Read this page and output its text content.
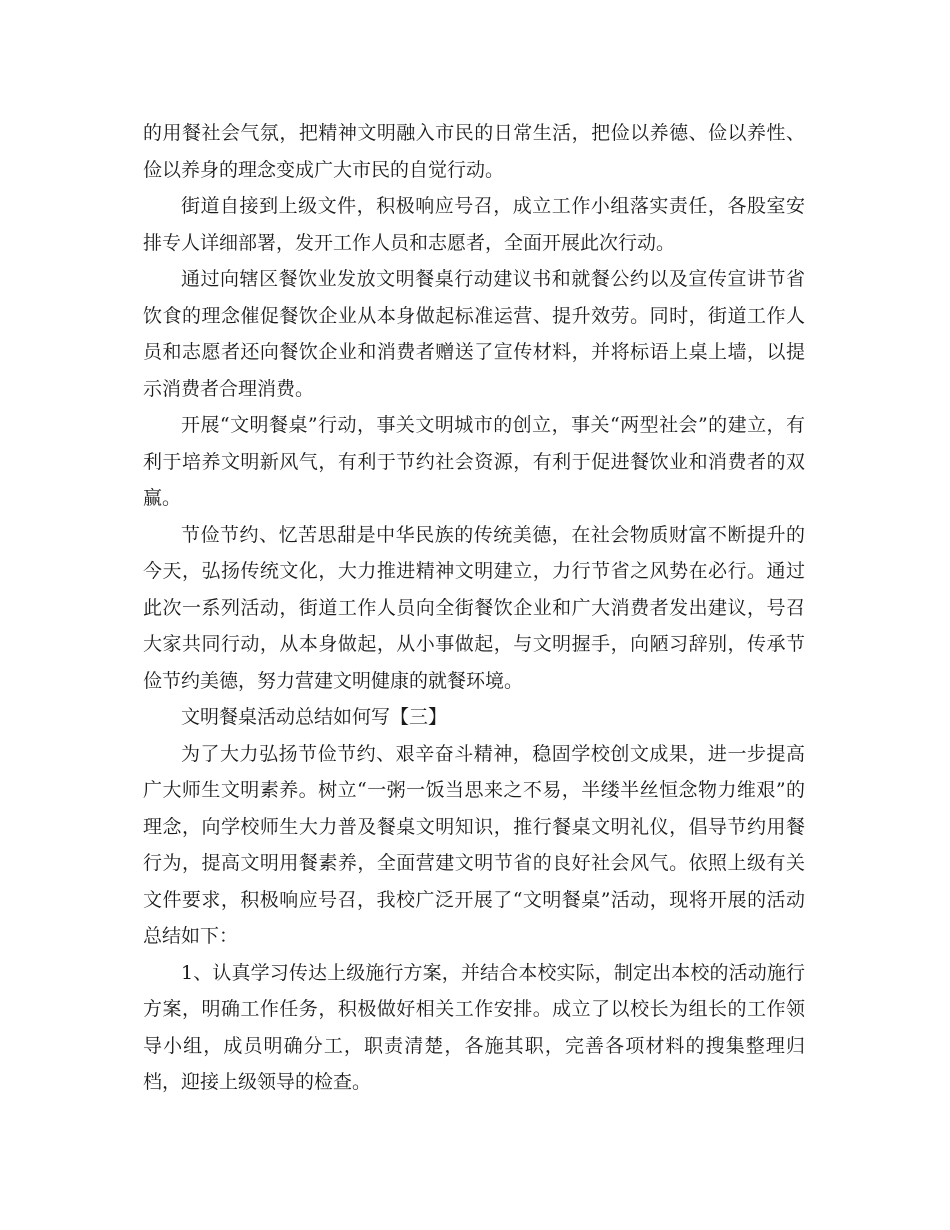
的用餐社会气氛，把精神文明融入市民的日常生活，把俭以养德、俭以养性、俭以养身的理念变成广大市民的自觉行动。

街道自接到上级文件，积极响应号召，成立工作小组落实责任，各股室安排专人详细部署，发开工作人员和志愿者，全面开展此次行动。

通过向辖区餐饮业发放文明餐桌行动建议书和就餐公约以及宣传宣讲节省饮食的理念催促餐饮企业从本身做起标准运营、提升效劳。同时，街道工作人员和志愿者还向餐饮企业和消费者赠送了宣传材料，并将标语上桌上墙，以提示消费者合理消费。

开展“文明餐桌”行动，事关文明城市的创立，事关“两型社会”的建立，有利于培养文明新风气，有利于节约社会资源，有利于促进餐饮业和消费者的双赢。

节俭节约、忆苦思甜是中华民族的传统美德，在社会物质财富不断提升的今天，弘扬传统文化，大力推进精神文明建立，力行节省之风势在必行。通过此次一系列活动，街道工作人员向全街餐饮企业和广大消费者发出建议，号召大家共同行动，从本身做起，从小事做起，与文明握手，向陋习辞别，传承节俭节约美德，努力营建文明健康的就餐环境。

文明餐桌活动总结如何写【三】

为了大力弘扬节俭节约、艰辛奋斗精神，稳固学校创文成果，进一步提高广大师生文明素养。树立“一粥一饭当思来之不易，半缕半丝恒念物力维艰”的理念，向学校师生大力普及餐桌文明知识，推行餐桌文明礼仪，倡导节约用餐行为，提高文明用餐素养，全面营建文明节省的良好社会风气。依照上级有关文件要求，积极响应号召，我校广泛开展了“文明餐桌”活动，现将开展的活动总结如下：

1、认真学习传达上级施行方案，并结合本校实际，制定出本校的活动施行方案，明确工作任务，积极做好相关工作安排。成立了以校长为组长的工作领导小组，成员明确分工，职责清楚，各施其职，完善各项材料的搜集整理归档，迎接上级领导的检查。
